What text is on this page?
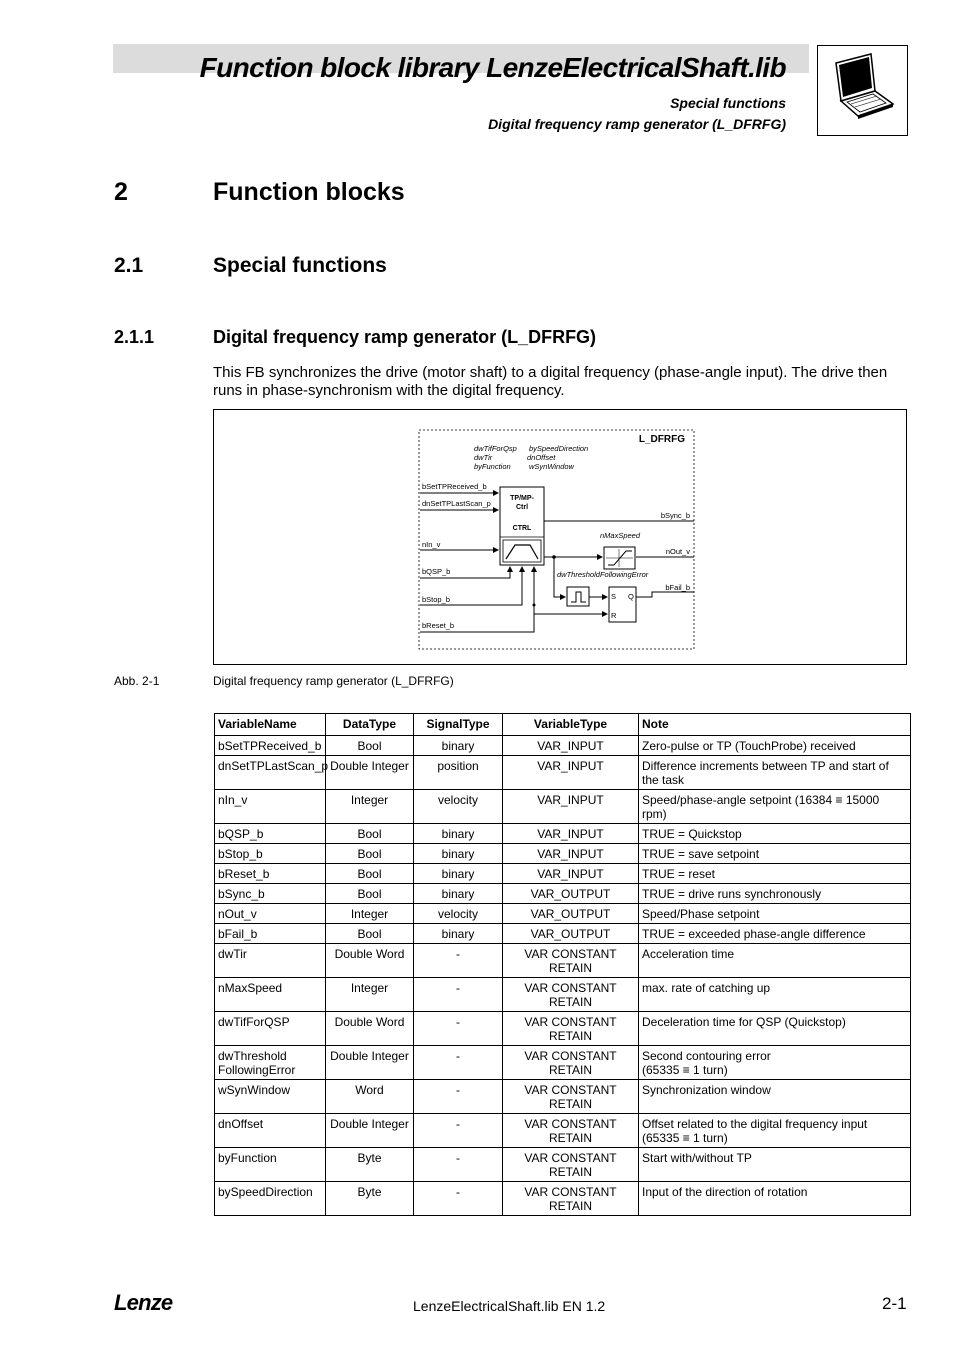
Function block library LenzeElectricalShaft.lib
Special functions
Digital frequency ramp generator (L_DFRFG)
2	Function blocks
2.1	Special functions
2.1.1	Digital frequency ramp generator (L_DFRFG)
This FB synchronizes the drive (motor shaft) to a digital frequency (phase-angle input). The drive then runs in phase-synchronism with the digital frequency.
L_DFRFG
dwTifForQsp bySpeedDirection
dwTir	dnOffset
byFunction wSynWindow
TP/MP-
Ctrl
CTRL
bSetTPReceived_b
dnSetTPLastScan_p
nIn_v
bQSP_b
bStop_b
bReset_b
nMaxSpeed
dwThresholdFollowingError
S Q
R
bSync_b
nOut_v
bFail_b
Abb. 2-1	Digital frequency ramp generator (L_DFRFG)
VariableName	DataType	SignalType	VariableType	Note
bSetTPReceived_b	Bool	binary	VAR_INPUT	Zero-pulse or TP (TouchProbe) received
dnSetTPLastScan_p	Double Integer	position	VAR_INPUT	Difference increments between TP and start of the task
nIn_v	Integer	velocity	VAR_INPUT	Speed/phase-angle setpoint (16384 ≡ 15000 rpm)
bQSP_b	Bool	binary	VAR_INPUT	TRUE = Quickstop
bStop_b	Bool	binary	VAR_INPUT	TRUE = save setpoint
bReset_b	Bool	binary	VAR_INPUT	TRUE = reset
bSync_b	Bool	binary	VAR_OUTPUT	TRUE = drive runs synchronously
nOut_v	Integer	velocity	VAR_OUTPUT	Speed/Phase setpoint
bFail_b	Bool	binary	VAR_OUTPUT	TRUE = exceeded phase-angle difference
dwTir	Double Word	-	VAR CONSTANT RETAIN	Acceleration time
nMaxSpeed	Integer	-	VAR CONSTANT RETAIN	max. rate of catching up
dwTifForQSP	Double Word	-	VAR CONSTANT RETAIN	Deceleration time for QSP (Quickstop)
dwThreshold FollowingError	Double Integer	-	VAR CONSTANT RETAIN	Second contouring error
(65335 ≡ 1 turn)
wSynWindow	Word	-	VAR CONSTANT RETAIN	Synchronization window
dnOffset	Double Integer	-	VAR CONSTANT RETAIN	Offset related to the digital frequency input
(65335 ≡ 1 turn)
byFunction	Byte	-	VAR CONSTANT RETAIN	Start with/without TP
bySpeedDirection	Byte	-	VAR CONSTANT RETAIN	Input of the direction of rotation
Lenze	LenzeElectricalShaft.lib EN 1.2	2-1
